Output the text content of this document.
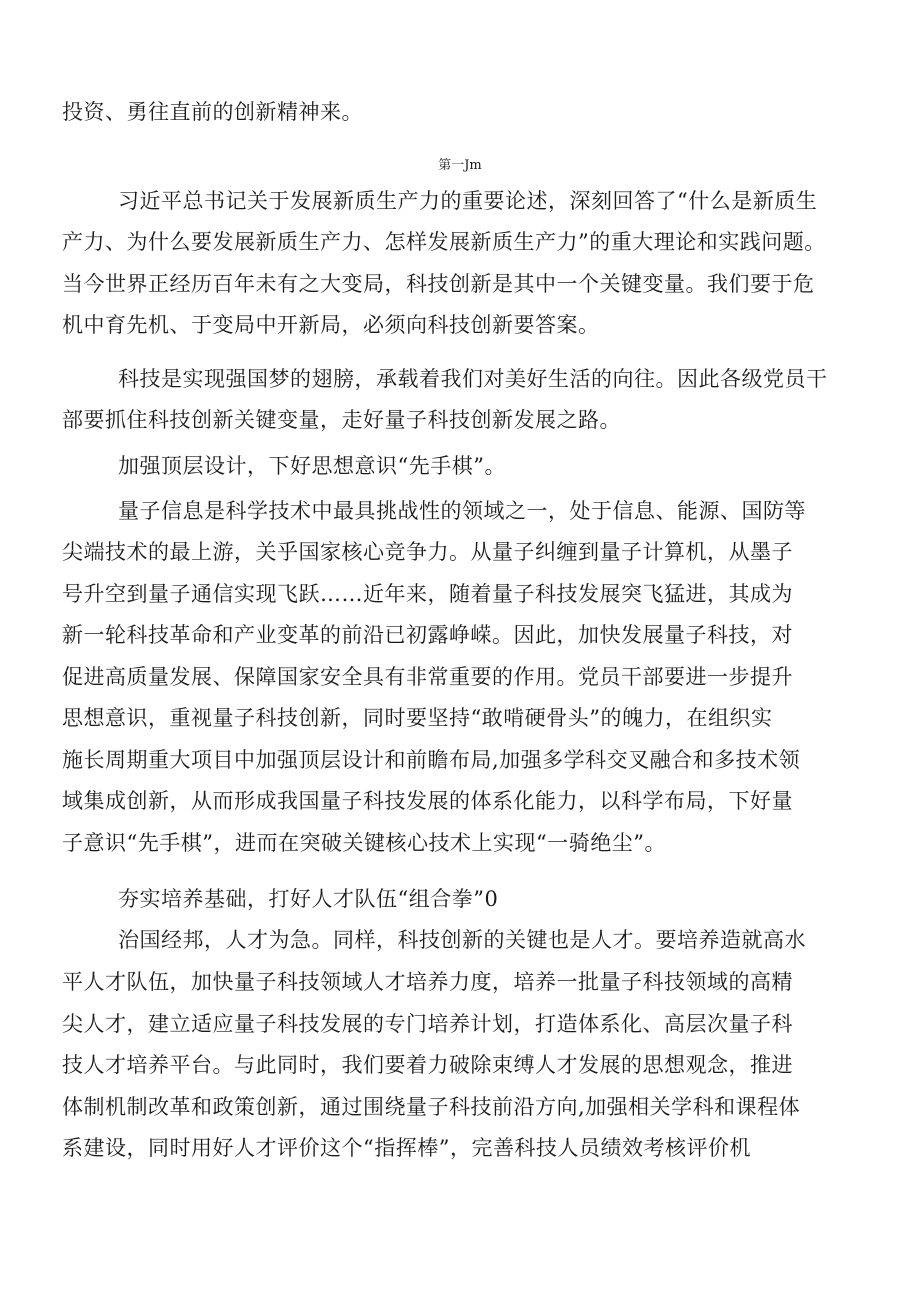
投资、勇往直前的创新精神来。
第一Jm
习近平总书记关于发展新质生产力的重要论述，深刻回答了“什么是新质生
产力、为什么要发展新质生产力、怎样发展新质生产力”的重大理论和实践问题。
当今世界正经历百年未有之大变局，科技创新是其中一个关键变量。我们要于危
机中育先机、于变局中开新局，必须向科技创新要答案。
科技是实现强国梦的翅膀，承载着我们对美好生活的向往。因此各级党员干
部要抓住科技创新关键变量，走好量子科技创新发展之路。
加强顶层设计，下好思想意识“先手棋”。
量子信息是科学技术中最具挑战性的领域之一，处于信息、能源、国防等
尖端技术的最上游，关乎国家核心竞争力。从量子纠缠到量子计算机，从墨子
号升空到量子通信实现飞跃……近年来，随着量子科技发展突飞猛进，其成为
新一轮科技革命和产业变革的前沿已初露峥嵘。因此，加快发展量子科技，对
促进高质量发展、保障国家安全具有非常重要的作用。党员干部要进一步提升
思想意识，重视量子科技创新，同时要坚持“敢啃硬骨头”的魄力，在组织实
施长周期重大项目中加强顶层设计和前瞻布局,加强多学科交叉融合和多技术领
域集成创新，从而形成我国量子科技发展的体系化能力，以科学布局，下好量
子意识“先手棋”，进而在突破关键核心技术上实现“一骑绝尘”。
夯实培养基础，打好人才队伍“组合拳”0
治国经邦，人才为急。同样，科技创新的关键也是人才。要培养造就高水
平人才队伍，加快量子科技领域人才培养力度，培养一批量子科技领域的高精
尖人才，建立适应量子科技发展的专门培养计划，打造体系化、高层次量子科
技人才培养平台。与此同时，我们要着力破除束缚人才发展的思想观念，推进
体制机制改革和政策创新，通过围绕量子科技前沿方向,加强相关学科和课程体
系建设，同时用好人才评价这个“指挥棒”，完善科技人员绩效考核评价机
